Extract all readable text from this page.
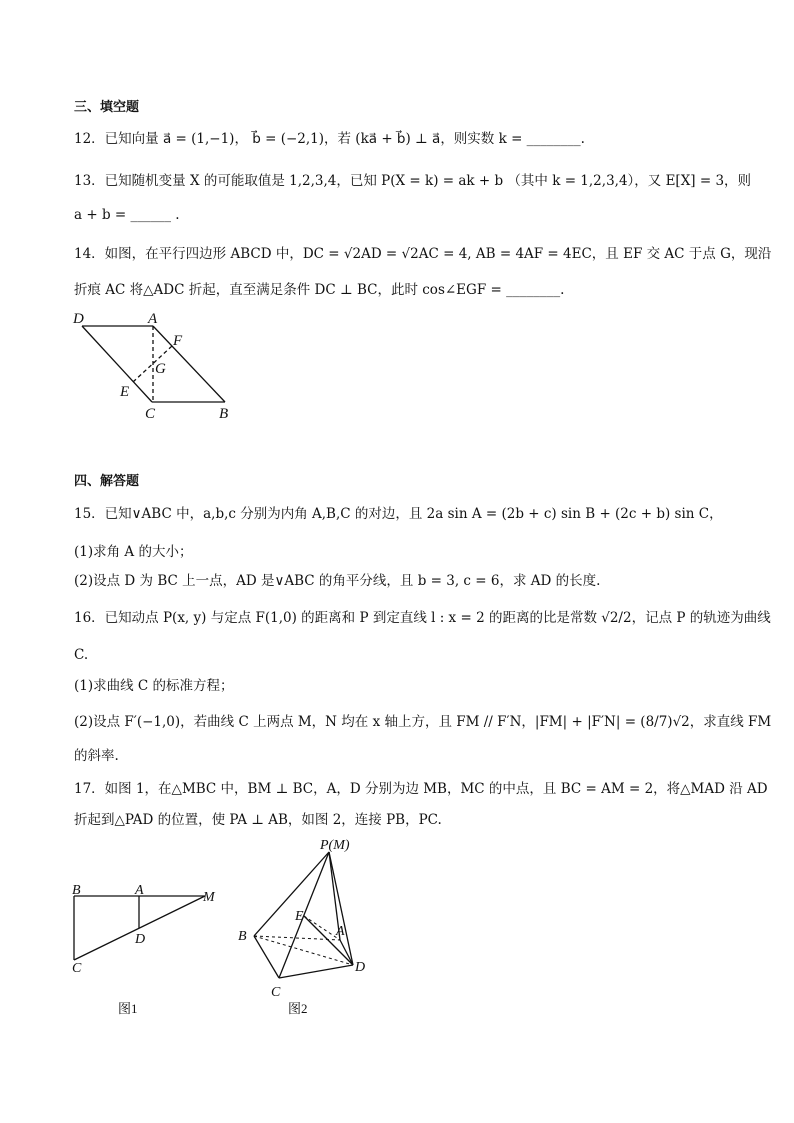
三、填空题
12．已知向量 a⃗ = (1,−1)， b⃗ = (−2,1)，若 (ka⃗ + b⃗) ⊥ a⃗，则实数 k = ________.
13．已知随机变量 X 的可能取值是 1,2,3,4，已知 P(X = k) = ak + b （其中 k = 1,2,3,4），又 E[X] = 3，则
a + b = ______ .
14．如图，在平行四边形 ABCD 中，DC = √2AD = √2AC = 4, AB = 4AF = 4EC，且 EF 交 AC 于点 G，现沿
折痕 AC 将△ADC 折起，直至满足条件 DC ⊥ BC，此时 cos∠EGF = ________.
D	A
F
G
E
C	B
四、解答题
15．已知∨ABC 中，a,b,c 分别为内角 A,B,C 的对边，且 2a sin A = (2b + c) sin B + (2c + b) sin C，
(1)求角 A 的大小；
(2)设点 D 为 BC 上一点，AD 是∨ABC 的角平分线，且 b = 3, c = 6，求 AD 的长度.
16．已知动点 P(x, y) 与定点 F(1,0) 的距离和 P 到定直线 l : x = 2 的距离的比是常数 √2/2，记点 P 的轨迹为曲线
C.
(1)求曲线 C 的标准方程；
(2)设点 F′(−1,0)，若曲线 C 上两点 M，N 均在 x 轴上方，且 FM // F′N，|FM| + |F′N| = (8/7)√2，求直线 FM
的斜率.
17．如图 1，在△MBC 中，BM ⊥ BC，A，D 分别为边 MB，MC 的中点，且 BC = AM = 2，将△MAD 沿 AD
折起到△PAD 的位置，使 PA ⊥ AB，如图 2，连接 PB，PC.
B	A	M
D
C
图1
P(M)
E
A
B
D
C
图2
